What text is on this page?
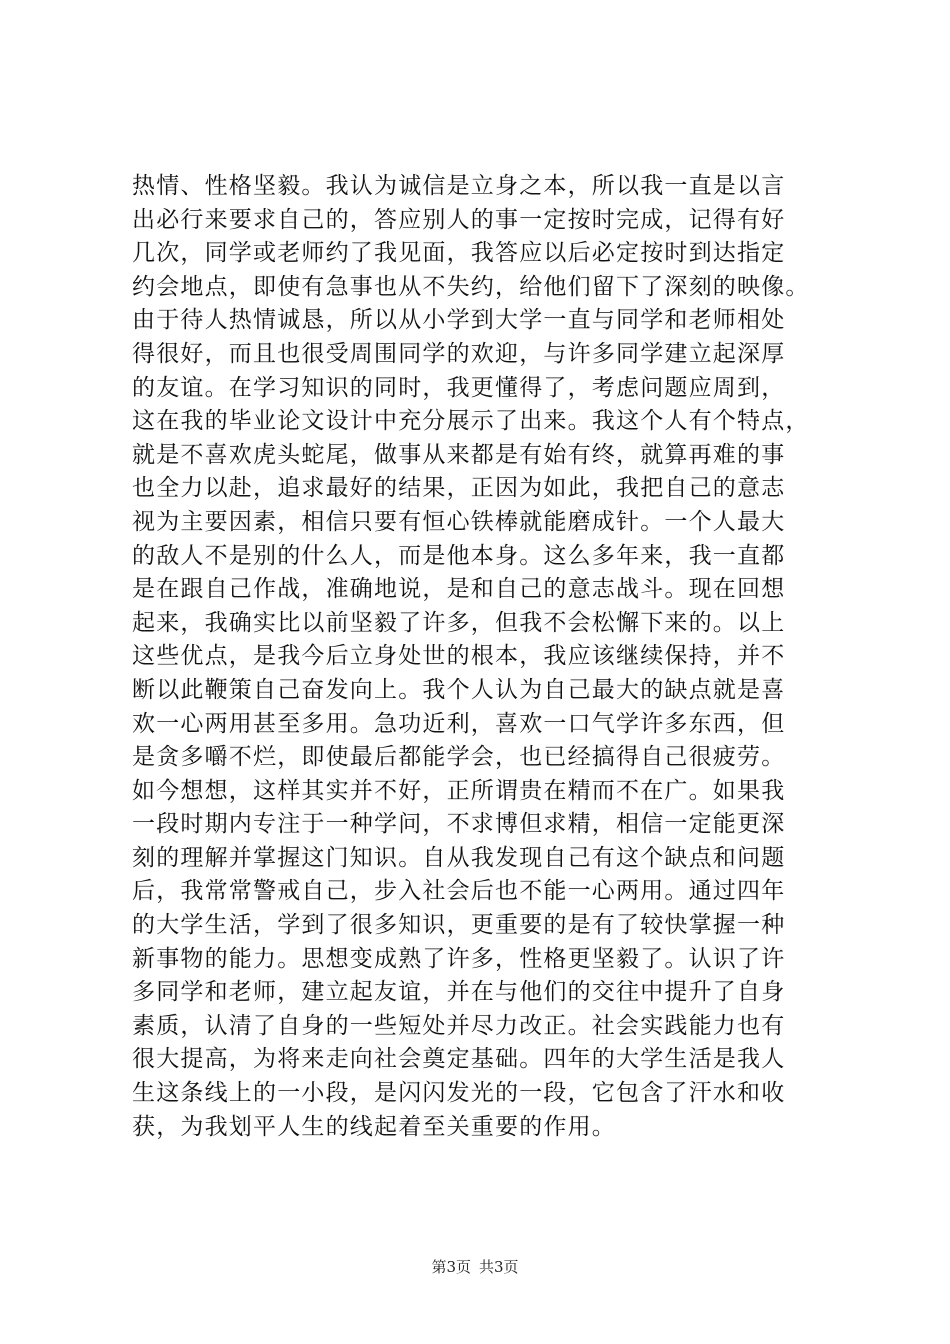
热情、性格坚毅。我认为诚信是立身之本，所以我一直是以言
出必行来要求自己的，答应别人的事一定按时完成，记得有好
几次，同学或老师约了我见面，我答应以后必定按时到达指定
约会地点，即使有急事也从不失约，给他们留下了深刻的映像。
由于待人热情诚恳，所以从小学到大学一直与同学和老师相处
得很好，而且也很受周围同学的欢迎，与许多同学建立起深厚
的友谊。在学习知识的同时，我更懂得了，考虑问题应周到，
这在我的毕业论文设计中充分展示了出来。我这个人有个特点，
就是不喜欢虎头蛇尾，做事从来都是有始有终，就算再难的事
也全力以赴，追求最好的结果，正因为如此，我把自己的意志
视为主要因素，相信只要有恒心铁棒就能磨成针。一个人最大
的敌人不是别的什么人，而是他本身。这么多年来，我一直都
是在跟自己作战，准确地说，是和自己的意志战斗。现在回想
起来，我确实比以前坚毅了许多，但我不会松懈下来的。以上
这些优点，是我今后立身处世的根本，我应该继续保持，并不
断以此鞭策自己奋发向上。我个人认为自己最大的缺点就是喜
欢一心两用甚至多用。急功近利，喜欢一口气学许多东西，但
是贪多嚼不烂，即使最后都能学会，也已经搞得自己很疲劳。
如今想想，这样其实并不好，正所谓贵在精而不在广。如果我
一段时期内专注于一种学问，不求博但求精，相信一定能更深
刻的理解并掌握这门知识。自从我发现自己有这个缺点和问题
后，我常常警戒自己，步入社会后也不能一心两用。通过四年
的大学生活，学到了很多知识，更重要的是有了较快掌握一种
新事物的能力。思想变成熟了许多，性格更坚毅了。认识了许
多同学和老师，建立起友谊，并在与他们的交往中提升了自身
素质，认清了自身的一些短处并尽力改正。社会实践能力也有
很大提高，为将来走向社会奠定基础。四年的大学生活是我人
生这条线上的一小段，是闪闪发光的一段，它包含了汗水和收
获，为我划平人生的线起着至关重要的作用。
第3页 共3页
